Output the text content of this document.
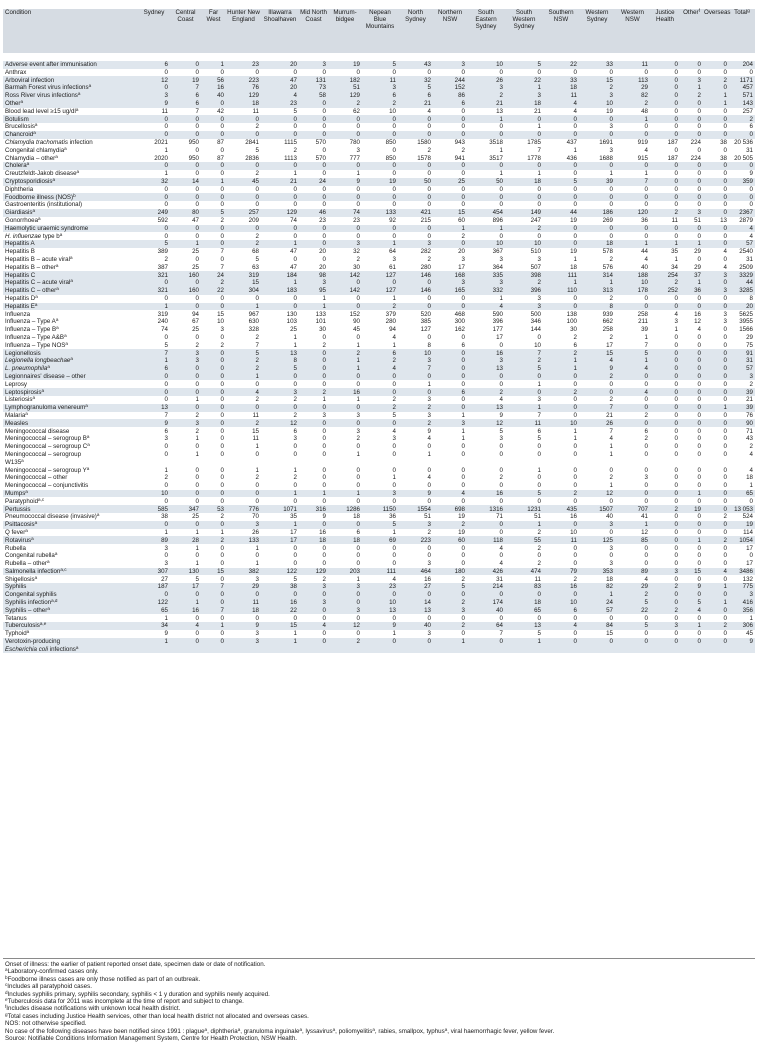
Condition	Sydney	Central Coast	Far West	Hunter New England	Illawarra Shoalhaven	Mid North Coast	Murrum-bidgee	Nepean Blue Mountains	North Sydney	Northern NSW	South Eastern Sydney	South Western Sydney	Southern NSW	Western Sydney	Western NSW	Justice Health	Other$^f$	Overseas	Total$^g$

Adverse event after immunisation	6	0	1	23	20	3	19	5	43	3	10	5	22	33	11	0	0	0	204
Anthrax	0	0	0	0	0	0	0	0	0	0	0	0	0	0	0	0	0	0	0
Arboviral infection	12	19	56	223	47	131	182	11	32	244	26	22	33	15	113	0	3	2	1171
Barmah Forest virus infections$^a$	0	7	16	76	20	73	51	3	5	152	3	1	18	2	29	0	1	0	457
Ross River virus infections$^a$	3	6	40	129	4	58	129	6	6	86	2	3	11	3	82	0	2	1	571
Other$^a$	9	6	0	18	23	0	2	2	21	6	21	18	4	10	2	0	0	1	143
Blood lead level ≥15 $ug/dl^a$	11	7	42	11	5	0	62	10	4	0	13	21	4	19	48	0	0	0	257
Botulism	0	0	0	0	0	0	0	0	0	0	1	0	0	0	1	0	0	0	2
Brucellosis$^a$	0	0	0	2	0	0	0	0	0	0	0	1	0	3	0	0	0	0	6
Chancroid$^a$	0	0	0	0	0	0	0	0	0	0	0	0	0	0	0	0	0	0	0
Chlamydia trachomatis infection	2021	950	87	2841	1115	570	780	850	1580	943	3518	1785	437	1691	919	187	224	38	20 536
Congenital chlamydia$^a$	1	0	0	5	2	0	3	0	2	2	1	7	1	3	4	0	0	0	31
Chlamydia – other$^a$	2020	950	87	2836	1113	570	777	850	1578	941	3517	1778	436	1688	915	187	224	38	20 505
Cholera$^a$	0	0	0	0	0	0	0	0	0	0	0	0	0	0	0	0	0	0	0
Creutzfeldt-Jakob disease$^a$	1	0	0	2	1	0	1	0	0	0	1	1	0	1	1	0	0	0	9
Cryptosporidiosis$^a$	32	14	1	45	21	24	9	19	50	25	50	18	5	39	7	0	0	0	359
Diphtheria	0	0	0	0	0	0	0	0	0	0	0	0	0	0	0	0	0	0	0
Foodborne illness (NOS)$^b$	0	0	0	0	0	0	0	0	0	0	0	0	0	0	0	0	0	0	0
Gastroenteritis (institutional)	0	0	0	0	0	0	0	0	0	0	0	0	0	0	0	0	0	0	0
Giardiasis$^a$	249	80	5	257	129	46	74	133	421	15	454	149	44	186	120	2	3	0	2367
Gonorrhoea$^a$	592	47	2	209	74	23	23	92	215	60	896	247	19	269	36	11	51	13	2879
Haemolytic uraemic syndrome	0	0	0	0	0	0	0	0	0	1	1	2	0	0	0	0	0	0	4
H. influenzae type $b^a$	0	0	0	2	0	0	0	0	0	2	0	0	0	0	0	0	0	0	4
Hepatitis A	5	1	0	2	1	0	3	1	3	0	10	10	0	18	1	1	1	0	57
Hepatitis B	389	25	7	68	47	20	32	64	282	20	367	510	19	578	44	35	29	4	2540
Hepatitis B – acute viral$^a$	2	0	0	5	0	0	2	3	2	3	3	3	1	2	4	1	0	0	31
Hepatitis B – other$^a$	387	25	7	63	47	20	30	61	280	17	364	507	18	576	40	34	29	4	2509
Hepatitis C	321	160	24	319	184	98	142	127	146	168	335	398	111	314	188	254	37	3	3329
Hepatitis C – acute viral$^a$	0	0	2	15	1	3	0	0	0	3	3	2	1	1	10	2	1	0	44
Hepatitis C – other$^a$	321	160	22	304	183	95	142	127	146	165	332	396	110	313	178	252	36	3	3285
Hepatitis $D^a$	0	0	0	0	0	1	0	1	0	0	1	3	0	2	0	0	0	0	8
Hepatitis $E^a$	1	0	0	1	0	1	0	2	0	0	4	3	0	8	0	0	0	0	20
Influenza	319	94	15	967	130	133	152	379	520	468	590	500	138	939	258	4	16	3	5625
Influenza – Type $A^a$	240	67	10	630	103	101	90	280	385	300	396	346	100	662	211	3	12	3	3955
Influenza – Type $B^a$	74	25	3	328	25	30	45	94	127	162	177	144	30	258	39	1	4	0	1566
Influenza – Type $A\&B^a$	0	0	0	2	1	0	0	4	0	0	17	0	2	2	1	0	0	0	29
Influenza – Type NOS$^a$	5	2	2	7	1	2	1	1	8	6	0	10	6	17	7	0	0	0	75
Legionellosis	7	3	0	5	13	0	2	6	10	0	16	7	2	15	5	0	0	0	91
Legionella longbeachae$^a$	1	3	0	2	8	0	1	2	3	0	3	2	1	4	1	0	0	0	31
L. pneumophila$^a$	6	0	0	2	5	0	1	4	7	0	13	5	1	9	4	0	0	0	57
Legionnaires' disease – other	0	0	0	1	0	0	0	0	0	0	0	0	0	2	0	0	0	0	3
Leprosy	0	0	0	0	0	0	0	0	1	0	0	1	0	0	0	0	0	0	2
Leptospirosis$^a$	0	0	0	4	3	2	16	0	0	6	2	0	2	0	4	0	0	0	39
Listeriosis$^a$	0	1	0	2	2	1	1	2	3	0	4	3	0	2	0	0	0	0	21
Lymphogranuloma venereum$^a$	13	0	0	0	0	0	0	2	2	0	13	1	0	7	0	0	0	1	39
Malaria$^a$	7	2	0	11	2	3	3	5	3	1	9	7	0	21	2	0	0	0	76
Measles	9	3	0	2	12	0	0	0	2	3	12	11	10	26	0	0	0	0	90
Meningococcal disease	6	2	0	15	6	0	3	4	9	1	5	6	1	7	6	0	0	0	71
Meningococcal – serogroup $B^a$	3	1	0	11	3	0	2	3	4	1	3	5	1	4	2	0	0	0	43
Meningococcal – serogroup $C^a$	0	0	0	1	0	0	0	0	0	0	0	0	0	1	0	0	0	0	2
Meningococcal – serogroup	0	1	0	0	0	0	1	0	1	0	0	0	0	1	0	0	0	0	4
W135$^a$																			
Meningococcal – serogroup $Y^a$	1	0	0	1	1	0	0	0	0	0	0	1	0	0	0	0	0	0	4
Meningococcal – other	2	0	0	2	2	0	0	1	4	0	2	0	0	2	3	0	0	0	18
Meningococcal – conjunctivitis	0	0	0	0	0	0	0	0	0	0	0	0	0	1	0	0	0	0	1
Mumps$^a$	10	0	0	0	1	1	1	3	9	4	16	5	2	12	0	0	1	0	65
Paratyphoid$^{a,c}$	0	0	0	0	0	0	0	0	0	0	0	0	0	0	0	0	0	0	0
Pertussis	585	347	53	776	1071	316	1286	1150	1554	698	1316	1231	435	1507	707	2	19	0	13 053
Pneumococcal disease (invasive)$^a$	38	25	2	70	35	9	18	36	51	19	71	51	16	40	41	0	0	2	524
Psittacosis$^a$	0	0	0	3	1	0	0	5	3	2	0	1	0	3	1	0	0	0	19
Q fever$^a$	1	1	1	26	17	16	6	1	2	19	0	2	10	0	12	0	0	0	114
Rotavirus$^a$	89	28	2	133	17	18	18	69	223	60	118	55	11	125	85	0	1	2	1054
Rubella	3	1	0	1	0	0	0	0	0	0	4	2	0	3	0	0	0	0	17
Congenital rubella$^a$	0	0	0	0	0	0	0	0	0	0	0	0	0	0	0	0	0	0	0
Rubella – other$^a$	3	1	0	1	0	0	0	0	3	0	4	2	0	3	0	0	0	0	17
Salmonella infection$^{a,c}$	307	130	15	382	122	129	203	111	464	180	426	474	79	353	89	3	15	4	3486
Shigellosis$^a$	27	5	0	3	5	2	1	4	16	2	31	11	2	18	4	0	0	0	132
Syphilis	187	17	7	29	38	3	3	23	27	5	214	83	16	82	29	2	9	1	775
Congenital syphilis	0	0	0	0	0	0	0	0	0	0	0	0	0	1	2	0	0	0	3
Syphilis infection$^{a,d}$	122	1	0	11	16	3	0	10	14	2	174	18	10	24	5	0	5	1	416
Syphilis – other$^a$	65	16	7	18	22	0	3	13	13	3	40	65	6	57	22	2	4	0	356
Tetanus	1	0	0	0	0	0	0	0	0	0	0	0	0	0	0	0	0	0	1
Tuberculosis$^{a,e}$	34	4	1	9	15	4	12	9	40	2	64	13	4	84	5	3	1	2	306
Typhoid$^a$	9	0	0	3	1	0	0	1	3	0	7	5	0	15	0	0	0	0	45
Verotoxin-producing	1	0	0	3	1	0	2	0	0	1	0	1	0	0	0	0	0	0	9
Escherichia coli infections$^a$																			
Onset of illness: the earlier of patient reported onset date, specimen date or date of notification.
$^a$Laboratory-confirmed cases only.
$^b$Foodborne illness cases are only those notified as part of an outbreak.
$^c$Includes all paratyphoid cases.
$^d$Includes syphilis primary, syphilis secondary, syphilis < 1 y duration and syphilis newly acquired.
$^e$Tuberculosis data for 2011 was incomplete at the time of report and subject to change.
$^f$Includes disease notifications with unknown local health district.
$^g$Total cases including Justice Health services, other than local health district not allocated and overseas cases.
NOS: not otherwise specified.
No case of the following diseases have been notified since 1991 : plague$^a$, diphtheria$^a$, granuloma inguinale$^a$, lyssavirus$^a$, poliomyelitis$^a$, rabies, smallpox, typhus$^a$, viral haemorrhagic fever, yellow fever.
Source: Notifiable Conditions Information Management System, Centre for Health Protection, NSW Health.
